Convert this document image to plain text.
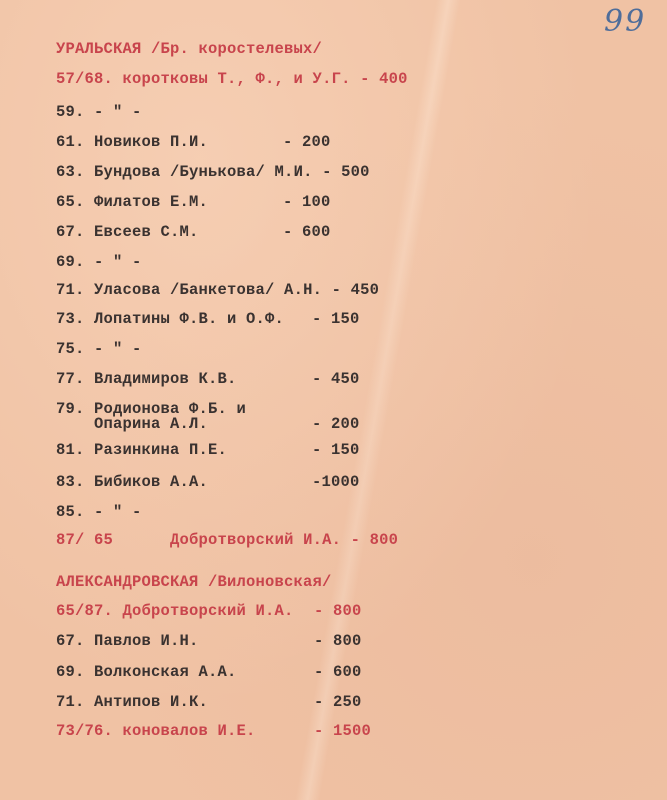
99
УРАЛЬСКАЯ /Бр. коростелевых/
57/68. коротковы Т., Ф., и У.Г. - 400
59. - " -
61. Новиков П.И.	- 200
63. Бундова /Бунькова/ М.И. - 500
65. Филатов Е.М.	- 100
67. Евсеев С.М.	- 600
69. - " -
71. Уласова /Банкетова/ А.Н. - 450
73. Лопатины Ф.В. и О.Ф. - 150
75. - " -
77. Владимиров К.В.	- 450
79. Родионова Ф.Б. и
Опарина А.Л.	- 200
81. Разинкина П.Е.	- 150
83. Бибиков А.А.	-1000
85. - " -
87/ 65	Добротворский И.А. - 800
АЛЕКСАНДРОВСКАЯ /Вилоновская/
65/87. Добротворский И.А. - 800
67. Павлов И.Н.	- 800
69. Волконская А.А.	- 600
71. Антипов И.К.	- 250
73/76. коновалов И.Е.	- 1500
